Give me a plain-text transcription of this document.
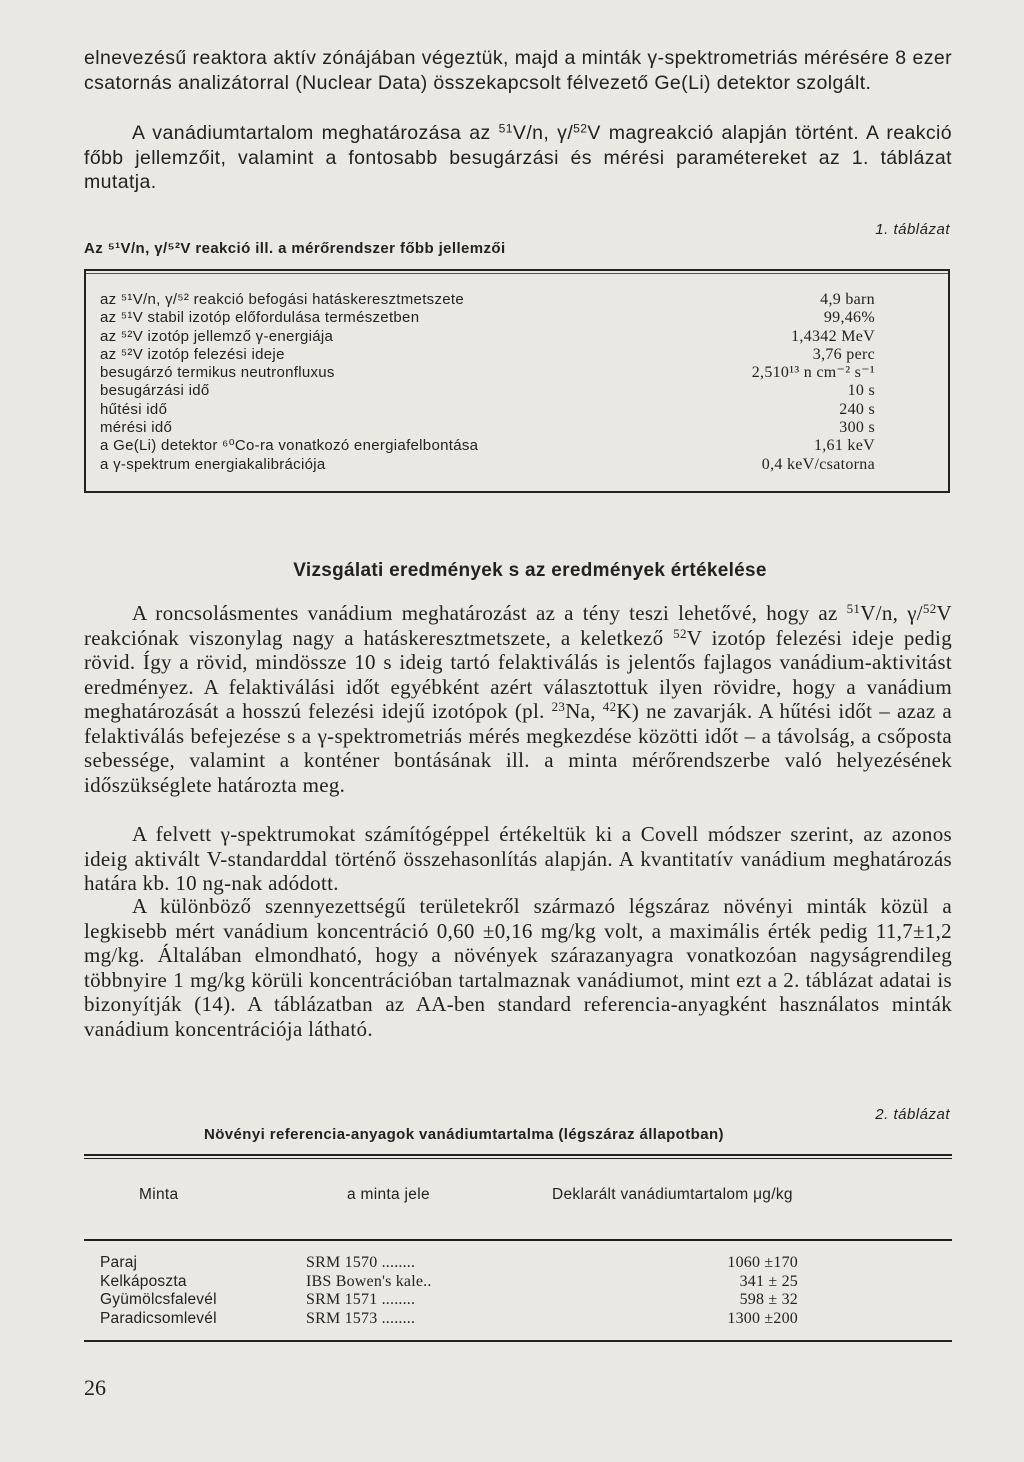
elnevezésű reaktora aktív zónájában végeztük, majd a minták γ-spektrometriás mérésére 8 ezer csatornás analizátorral (Nuclear Data) összekapcsolt félvezető Ge(Li) detektor szolgált.

A vanádiumtartalom meghatározása az $^{51}$V/n, γ/$^{52}$V magreakció alapján történt. A reakció főbb jellemzőit, valamint a fontosabb besugárzási és mérési paramétereket az 1. táblázat mutatja.

1. táblázat
Az ⁵¹V/n, γ/⁵²V reakció ill. a mérőrendszer főbb jellemzői
az ⁵¹V/n, γ/⁵² reakció befogási hatáskeresztmetszete	4,9 barn
az ⁵¹V stabil izotóp előfordulása természetben	99,46%
az ⁵²V izotóp jellemző γ-energiája	1,4342 MeV
az ⁵²V izotóp felezési ideje	3,76 perc
besugárzó termikus neutronfluxus	2,510¹³ n cm⁻² s⁻¹
besugárzási idő	10 s
hűtési idő	240 s
mérési idő	300 s
a Ge(Li) detektor ⁶⁰Co-ra vonatkozó energiafelbontása	1,61 keV
a γ-spektrum energiakalibrációja	0,4 keV/csatorna
Vizsgálati eredmények s az eredmények értékelése

A roncsolásmentes vanádium meghatározást az a tény teszi lehetővé, hogy az $^{51}$V/n, γ/$^{52}$V reakciónak viszonylag nagy a hatáskeresztmetszete, a keletkező $^{52}$V izotóp felezési ideje pedig rövid. Így a rövid, mindössze 10 s ideig tartó felaktiválás is jelentős fajlagos vanádium-aktivitást eredményez. A felaktiválási időt egyébként azért választottuk ilyen rövidre, hogy a vanádium meghatározását a hosszú felezési idejű izotópok (pl. $^{23}$Na, $^{42}$K) ne zavarják. A hűtési időt – azaz a felaktiválás befejezése s a γ-spektrometriás mérés megkezdése közötti időt – a távolság, a csőposta sebessége, valamint a konténer bontásának ill. a minta mérőrendszerbe való helyezésének időszükséglete határozta meg.

A felvett γ-spektrumokat számítógéppel értékeltük ki a Covell módszer szerint, az azonos ideig aktivált V-standarddal történő összehasonlítás alapján. A kvantitatív vanádium meghatározás határa kb. 10 ng-nak adódott.

A különböző szennyezettségű területekről származó légszáraz növényi minták közül a legkisebb mért vanádium koncentráció 0,60 ±0,16 mg/kg volt, a maximális érték pedig 11,7±1,2 mg/kg. Általában elmondható, hogy a növények szárazanyagra vonatkozóan nagyságrendileg többnyire 1 mg/kg körüli koncentrációban tartalmaznak vanádiumot, mint ezt a 2. táblázat adatai is bizonyítják (14). A táblázatban az AA-ben standard referencia-anyagként használatos minták vanádium koncentrációja látható.

2. táblázat
Növényi referencia-anyagok vanádiumtartalma (légszáraz állapotban)
Minta	a minta jele	Deklarált vanádiumtartalom μg/kg
Paraj	SRM 1570 ........	1060 ±170
Kelkáposzta	IBS Bowen's kale..	341 ± 25
Gyümölcsfalevél	SRM 1571 ........	598 ± 32
Paradicsomlevél	SRM 1573 ........	1300 ±200
26
